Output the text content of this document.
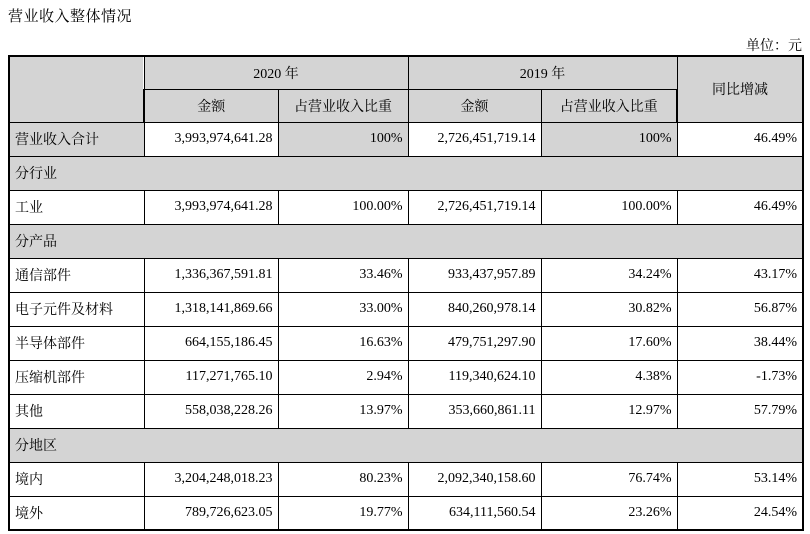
营业收入整体情况
单位：元
	2020 年		2019 年		同比增减
	金额	占营业收入比重	金额	占营业收入比重	
营业收入合计	3,993,974,641.28	100%	2,726,451,719.14	100%	46.49%
分行业					
工业	3,993,974,641.28	100.00%	2,726,451,719.14	100.00%	46.49%
分产品					
通信部件	1,336,367,591.81	33.46%	933,437,957.89	34.24%	43.17%
电子元件及材料	1,318,141,869.66	33.00%	840,260,978.14	30.82%	56.87%
半导体部件	664,155,186.45	16.63%	479,751,297.90	17.60%	38.44%
压缩机部件	117,271,765.10	2.94%	119,340,624.10	4.38%	-1.73%
其他	558,038,228.26	13.97%	353,660,861.11	12.97%	57.79%
分地区					
境内	3,204,248,018.23	80.23%	2,092,340,158.60	76.74%	53.14%
境外	789,726,623.05	19.77%	634,111,560.54	23.26%	24.54%
